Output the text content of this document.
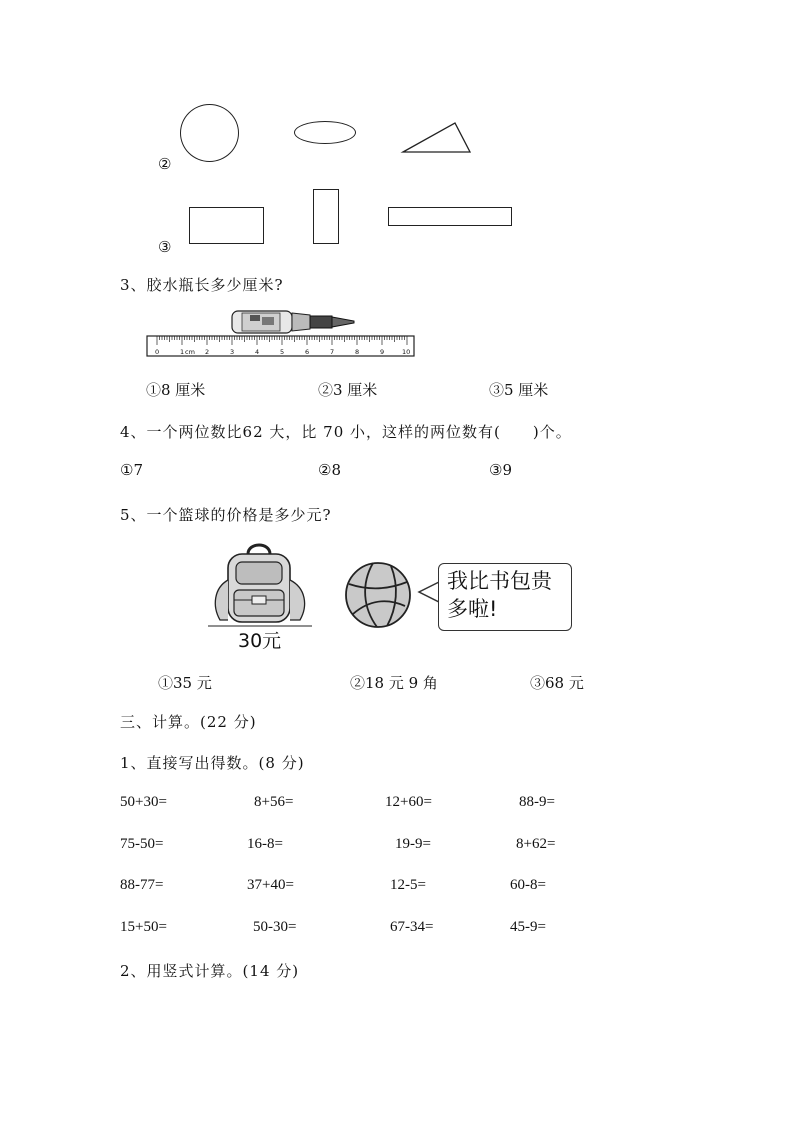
②
③
3、胶水瓶长多少厘米?
0	1 cm 2	3	4	5	6	7	8	9	10
①8 厘米	②3 厘米	③5 厘米
4、一个两位数比62 大，比 70 小，这样的两位数有(　　)个。
①7	②8	③9
5、一个篮球的价格是多少元?
30元
我比书包贵
多啦!
①35 元	②18 元 9 角	③68 元
三、计算。(22 分)
1、直接写出得数。(8 分)
50+30=	8+56=	12+60=	88-9=
75-50=	16-8=	19-9=	8+62=
88-77=	37+40=	12-5=	60-8=
15+50=	50-30=	67-34=	45-9=
2、用竖式计算。(14 分)
